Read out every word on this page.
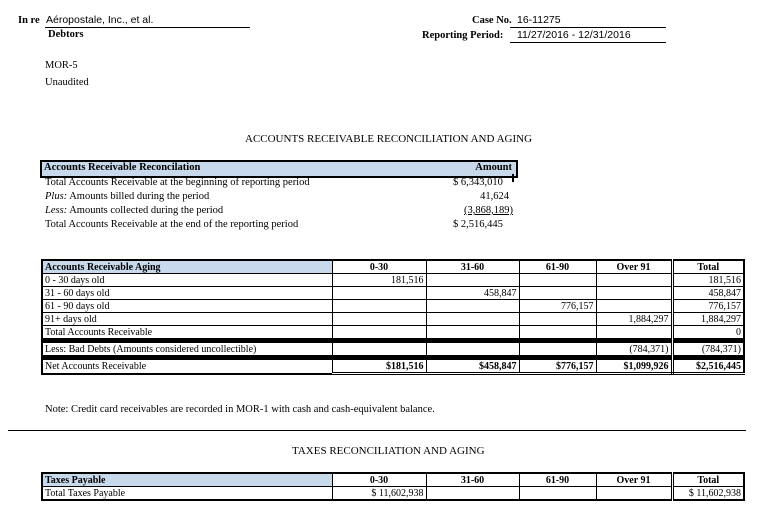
In re Aéropostale, Inc., et al.
Debtors
Case No. 16-11275
Reporting Period: 11/27/2016 - 12/31/2016
MOR-5
Unaudited
ACCOUNTS RECEIVABLE RECONCILIATION AND AGING
Accounts Receivable Reconcilation	Amount
Total Accounts Receivable at the beginning of reporting period	$ 6,343,010
Plus: Amounts billed during the period	41,624
Less: Amounts collected during the period	(3,868,189)
Total Accounts Receivable at the end of the reporting period	$ 2,516,445
Accounts Receivable Aging	0-30	31-60	61-90	Over 91	Total
0 - 30 days old	181,516				181,516
31 - 60 days old		458,847			458,847
61 - 90 days old			776,157		776,157
91+ days old				1,884,297	1,884,297
Total Accounts Receivable					0

Less: Bad Debts (Amounts considered uncollectible)				(784,371)	(784,371)

Net Accounts Receivable	$181,516	$458,847	$776,157	$1,099,926	$2,516,445
Note: Credit card receivables are recorded in MOR-1 with cash and cash-equivalent balance.
TAXES RECONCILIATION AND AGING
Taxes Payable	0-30	31-60	61-90	Over 91	Total
Total Taxes Payable	$ 11,602,938				$ 11,602,938
